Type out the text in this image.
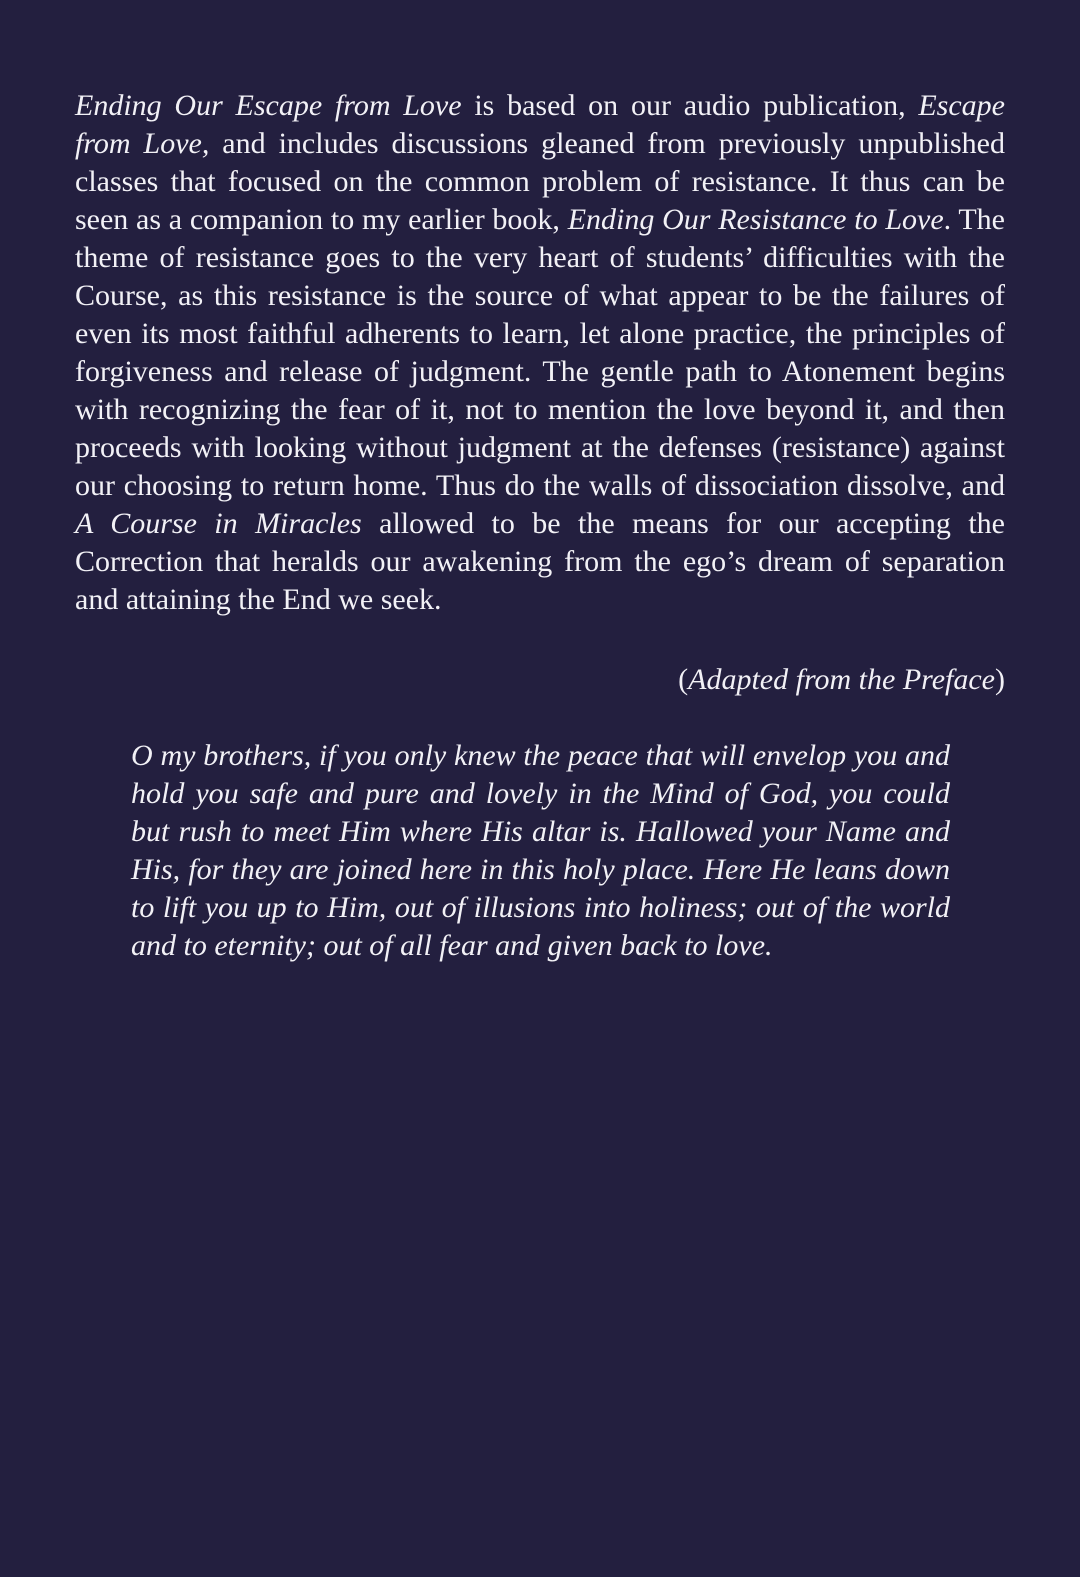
Ending Our Escape from Love is based on our audio publication, Escape from Love, and includes discussions gleaned from previously unpublished classes that focused on the common problem of resistance. It thus can be seen as a companion to my earlier book, Ending Our Resistance to Love. The theme of resistance goes to the very heart of students’ difficulties with the Course, as this resistance is the source of what appear to be the failures of even its most faithful adherents to learn, let alone practice, the principles of forgiveness and release of judgment. The gentle path to Atonement begins with recognizing the fear of it, not to mention the love beyond it, and then proceeds with looking without judgment at the defenses (resistance) against our choosing to return home. Thus do the walls of dissociation dissolve, and A Course in Miracles allowed to be the means for our accepting the Correction that heralds our awakening from the ego’s dream of separation and attaining the End we seek.

(Adapted from the Preface)

O my brothers, if you only knew the peace that will envelop you and hold you safe and pure and lovely in the Mind of God, you could but rush to meet Him where His altar is. Hallowed your Name and His, for they are joined here in this holy place. Here He leans down to lift you up to Him, out of illusions into holiness; out of the world and to eternity; out of all fear and given back to love.
